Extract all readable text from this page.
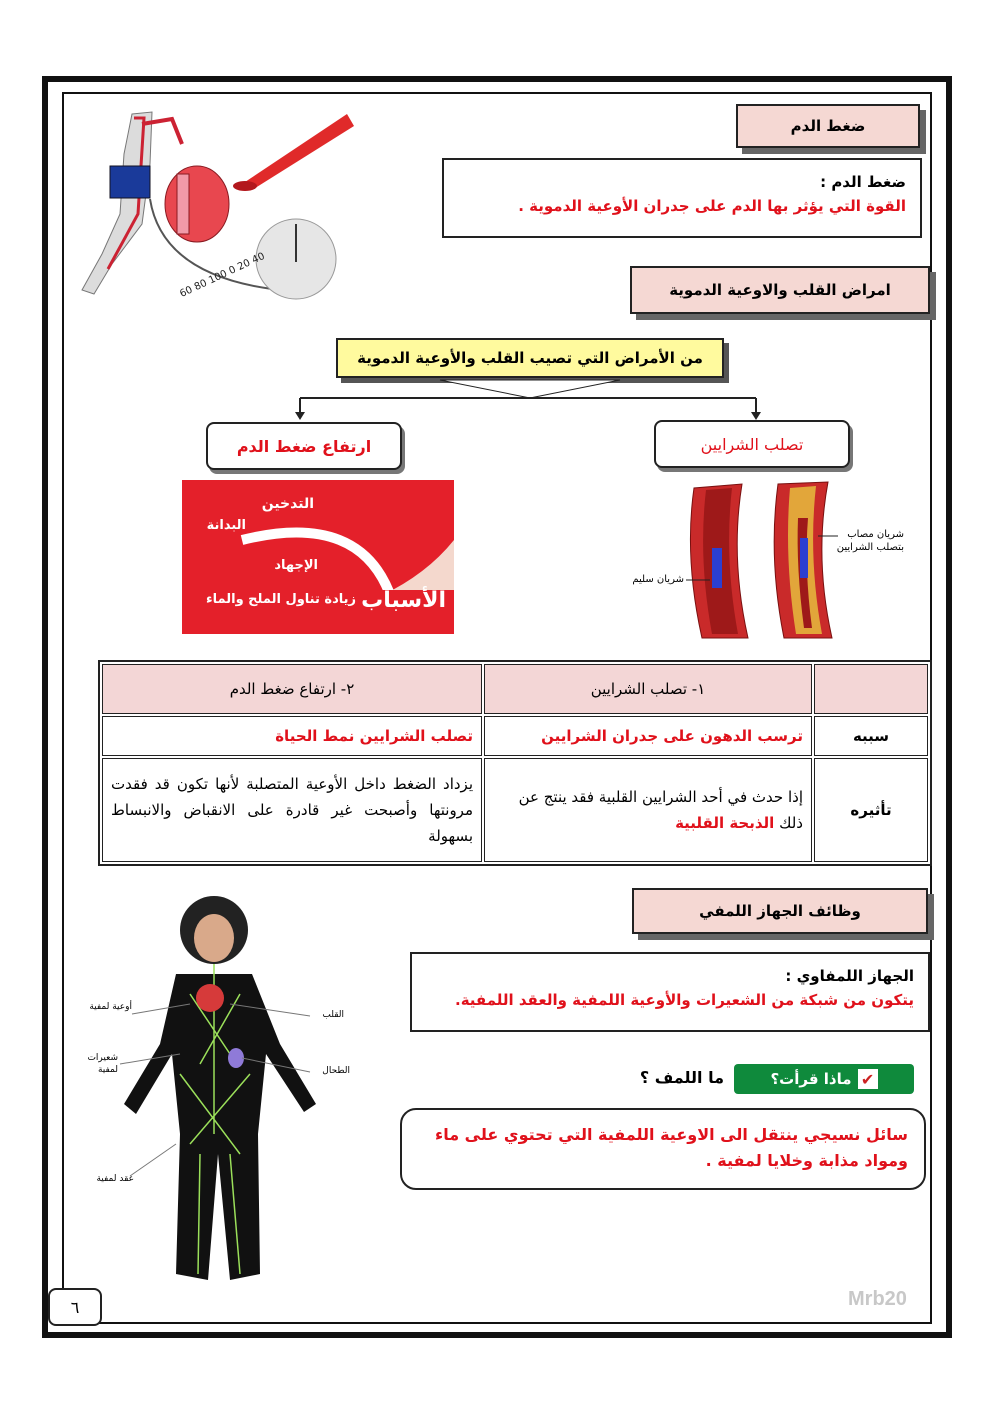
ضغط الدم
ضغط الدم :
القوة التي يؤثر بها الدم على جدران الأوعية الدموية .
40 20 0 100 80 60
امراض القلب والاوعية الدموية
من الأمراض التي تصيب القلب والأوعية الدموية
تصلب الشرايين
ارتفاع ضغط الدم
التدخين
البدانة
الإجهاد
زيادة تناول الملح والماء الأسباب
شريان مصاب بتصلب الشرايين
شريان سليم
	١- تصلب الشرايين	٢- ارتفاع ضغط الدم
سببه	ترسب الدهون على جدران الشرايين	تصلب الشرايين نمط الحياة
تأثيره	إذا حدث في أحد الشرايين القلبية فقد ينتج عن ذلك الذبحة القلبية	يزداد الضغط داخل الأوعية المتصلبة لأنها تكون قد فقدت مرونتها وأصبحت غير قادرة على الانقباض والانبساط بسهولة
وظائف الجهاز اللمفي
الجهاز اللمفاوي :
يتكون من شبكة من الشعيرات والأوعية اللمفية والعقد اللمفية.
✔
ماذا قرأت؟
ما اللمف ؟
سائل نسيجي ينتقل الى الاوعية اللمفية التي تحتوي على ماء ومواد مذابة وخلايا لمفية .
أوعية لمفية
القلب
شعيرات لمفية	الطحال
عقد لمفية
٦	Mrb20
